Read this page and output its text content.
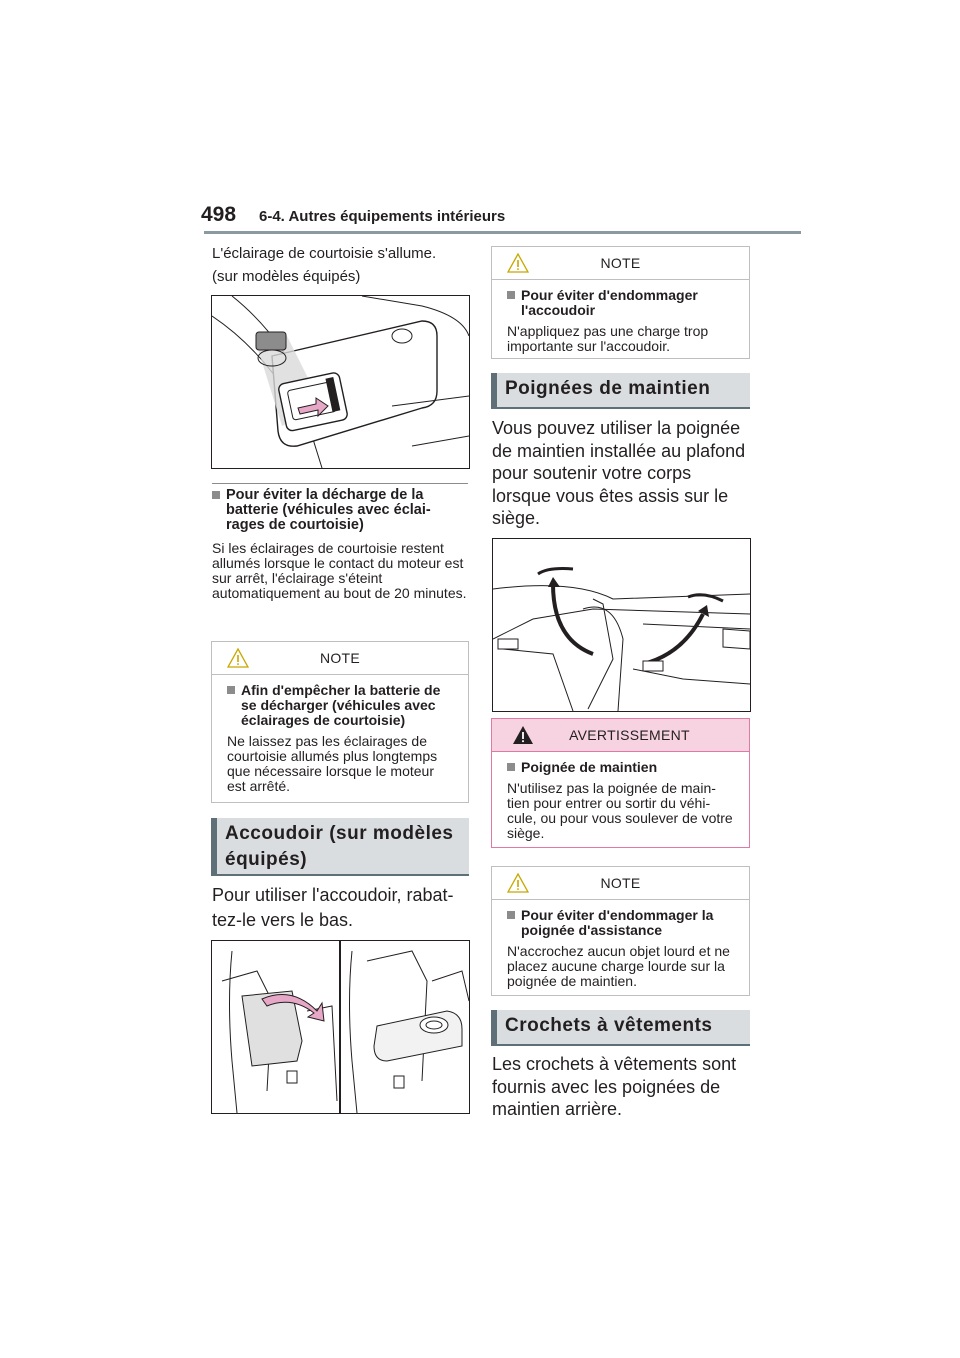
498 6-4. Autres équipements intérieurs
L'éclairage de courtoisie s'allume.
(sur modèles équipés)
Pour éviter la décharge de la batterie (véhicules avec éclai-rages de courtoisie)
Si les éclairages de courtoisie restent allumés lorsque le contact du moteur est sur arrêt, l'éclairage s'éteint automatiquement au bout de 20 minutes.
NOTE
Afin d'empêcher la batterie de se décharger (véhicules avec éclairages de courtoisie)
Ne laissez pas les éclairages de courtoisie allumés plus longtemps que nécessaire lorsque le moteur est arrêté.
Accoudoir (sur modèles
équipés)
Pour utiliser l'accoudoir, rabat-
tez-le vers le bas.
NOTE
Pour éviter d'endommager l'accoudoir
N'appliquez pas une charge trop importante sur l'accoudoir.
Poignées de maintien
Vous pouvez utiliser la poignée
de maintien installée au plafond
pour soutenir votre corps
lorsque vous êtes assis sur le
siège.
AVERTISSEMENT
Poignée de maintien
N'utilisez pas la poignée de main-tien pour entrer ou sortir du véhi-cule, ou pour vous soulever de votre siège.
NOTE
Pour éviter d'endommager la poignée d'assistance
N'accrochez aucun objet lourd et ne placez aucune charge lourde sur la poignée de maintien.
Crochets à vêtements
Les crochets à vêtements sont
fournis avec les poignées de
maintien arrière.
